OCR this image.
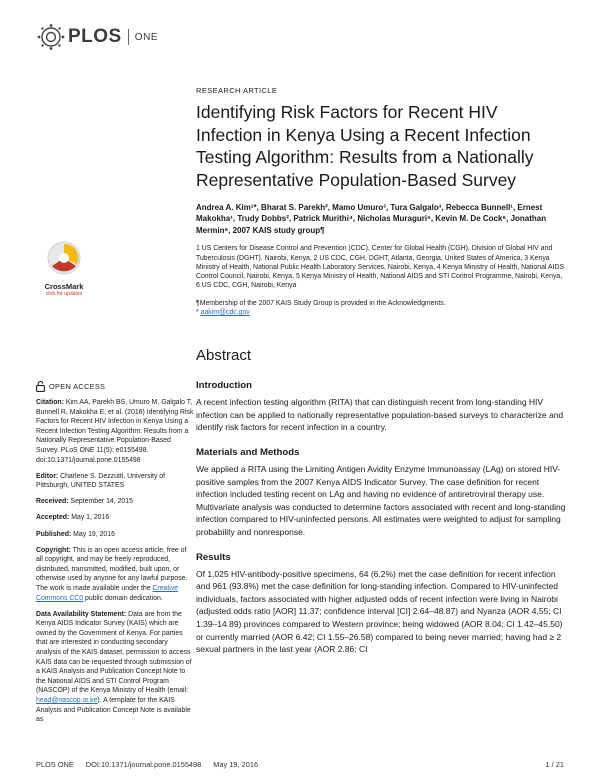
PLOS ONE
CrossMark
click for updates
OPEN ACCESS
Citation: Kim AA, Parekh BS, Umuro M, Galgalo T, Bunnell R, Makokha E, et al. (2016) Identifying Risk Factors for Recent HIV Infection in Kenya Using a Recent Infection Testing Algorithm: Results from a Nationally Representative Population-Based Survey. PLoS ONE 11(5): e0155498. doi:10.1371/journal.pone.0155498
Editor: Charlene S. Dezzutti, University of Pittsburgh, UNITED STATES
Received: September 14, 2015
Accepted: May 1, 2016
Published: May 19, 2016
Copyright: This is an open access article, free of all copyright, and may be freely reproduced, distributed, transmitted, modified, built upon, or otherwise used by anyone for any lawful purpose. The work is made available under the Creative Commons CC0 public domain dedication.
Data Availability Statement: Data are from the Kenya AIDS Indicator Survey (KAIS) which are owned by the Government of Kenya. For parties that are interested in conducting secondary analysis of the KAIS dataset, permission to access KAIS data can be requested through submission of a KAIS Analysis and Publication Concept Note to the National AIDS and STI Control Program (NASCOP) of the Kenya Ministry of Health (email: head@nascop.or.ke). A template for the KAIS Analysis and Publication Concept Note is available as
RESEARCH ARTICLE
Identifying Risk Factors for Recent HIV Infection in Kenya Using a Recent Infection Testing Algorithm: Results from a Nationally Representative Population-Based Survey
Andrea A. Kim¹*, Bharat S. Parekh², Mamo Umuro³, Tura Galgalo³, Rebecca Bunnell¹, Ernest Makokha¹, Trudy Dobbs², Patrick Murithi⁴, Nicholas Muraguri⁵, Kevin M. De Cock⁶, Jonathan Mermin⁶, 2007 KAIS study group¶
1 US Centers for Disease Control and Prevention (CDC), Center for Global Health (CGH), Division of Global HIV and Tuberculosis (DGHT), Nairobi, Kenya, 2 US CDC, CGH, DGHT, Atlanta, Georgia, United States of America, 3 Kenya Ministry of Health, National Public Health Laboratory Services, Nairobi, Kenya, 4 Kenya Ministry of Health, National AIDS Control Council, Nairobi, Kenya, 5 Kenya Ministry of Health, National AIDS and STI Control Programme, Nairobi, Kenya, 6 US CDC, CGH, Nairobi, Kenya
¶Membership of the 2007 KAIS Study Group is provided in the Acknowledgments.
* aakim@cdc.gov
Abstract
Introduction

A recent infection testing algorithm (RITA) that can distinguish recent from long-standing HIV infection can be applied to nationally representative population-based surveys to characterize and identify risk factors for recent infection in a country.

Materials and Methods

We applied a RITA using the Limiting Antigen Avidity Enzyme Immunoassay (LAg) on stored HIV-positive samples from the 2007 Kenya AIDS Indicator Survey. The case definition for recent infection included testing recent on LAg and having no evidence of antiretroviral therapy use. Multivariate analysis was conducted to determine factors associated with recent and long-standing infection compared to HIV-uninfected persons. All estimates were weighted to adjust for sampling probability and nonresponse.

Results

Of 1,025 HIV-antibody-positive specimens, 64 (6.2%) met the case definition for recent infection and 961 (93.8%) met the case definition for long-standing infection. Compared to HIV-uninfected individuals, factors associated with higher adjusted odds of recent infection were living in Nairobi (adjusted odds ratio [AOR] 11.37; confidence interval [CI] 2.64–48.87) and Nyanza (AOR 4.55; CI 1.39–14.89) provinces compared to Western province; being widowed (AOR 8.04; CI 1.42–45.50) or currently married (AOR 6.42; CI 1.55–26.58) compared to being never married; having had ≥ 2 sexual partners in the last year (AOR 2.86; CI

PLOS ONE DOI:10.1371/journal.pone.0155498 May 19, 2016	1 / 21
